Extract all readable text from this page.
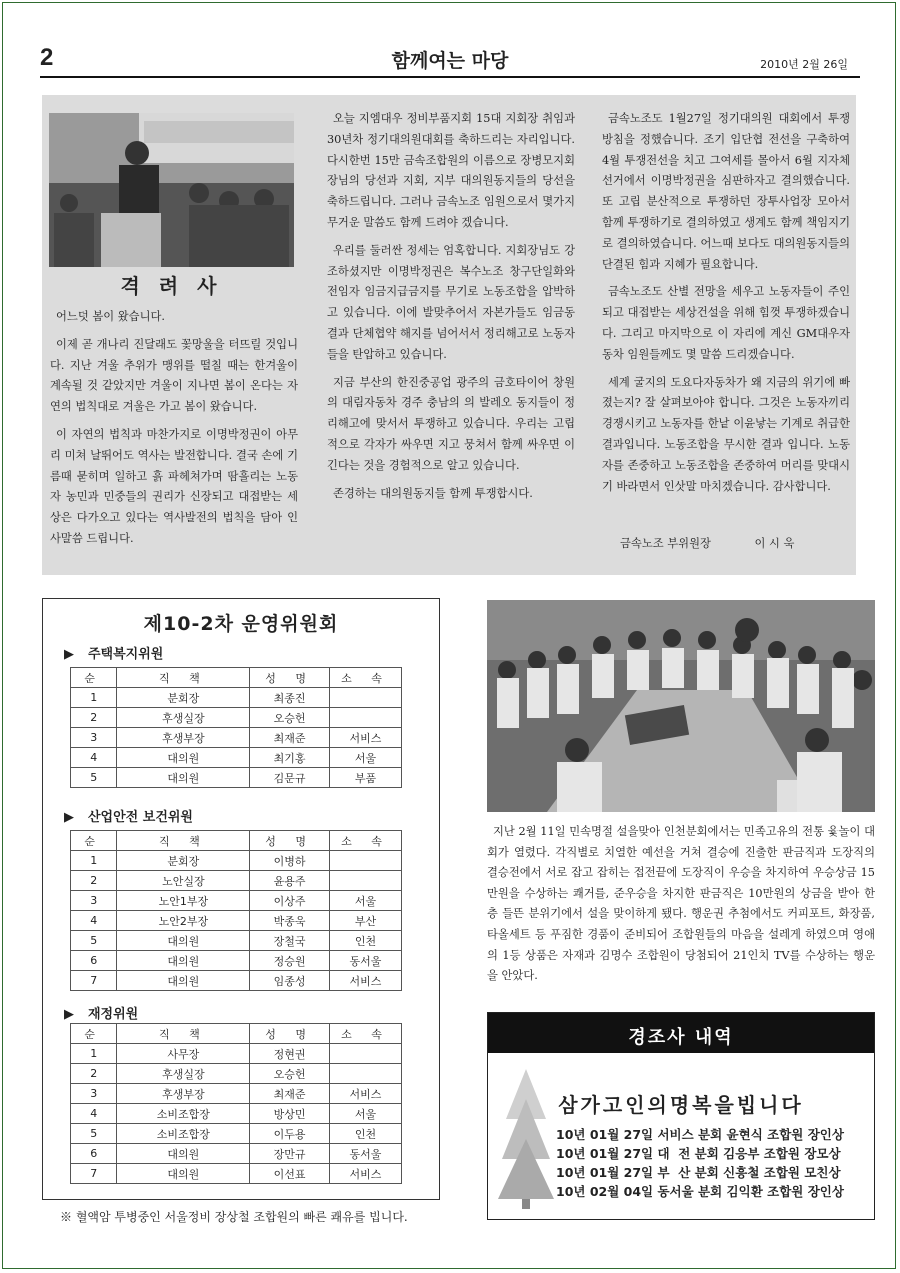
2	함께여는 마당	2010년 2월 26일
격 려 사

어느덧 봄이 왔습니다.

이제 곧 개나리 진달래도 꽃망울을 터뜨릴 것입니다. 지난 겨울 추위가 맹위를 떨칠 때는 한겨울이 계속될 것 같았지만 겨울이 지나면 봄이 온다는 자연의 법칙대로 겨울은 가고 봄이 왔습니다.

이 자연의 법칙과 마찬가지로 이명박정권이 아무리 미쳐 날뛰어도 역사는 발전합니다. 결국 손에 기름때 묻히며 일하고 흙 파헤쳐가며 땀흘리는 노동자 농민과 민중들의 권리가 신장되고 대접받는 세상은 다가오고 있다는 역사발전의 법칙을 담아 인사말씀 드립니다.

오늘 지엠대우 정비부품지회 15대 지회장 취임과 30년차 정기대의원대회를 축하드리는 자리입니다. 다시한번 15만 금속조합원의 이름으로 장병모지회장님의 당선과 지회, 지부 대의원동지들의 당선을 축하드립니다. 그러나 금속노조 임원으로서 몇가지 무거운 말씀도 함께 드려야 겠습니다.

우리를 둘러싼 정세는 엄혹합니다. 지회장님도 강조하셨지만 이명박정권은 복수노조 창구단일화와 전임자 임금지급금지를 무기로 노동조합을 압박하고 있습니다. 이에 발맞추어서 자본가들도 임금동결과 단체협약 해지를 넘어서서 정리해고로 노동자들을 탄압하고 있습니다.

지금 부산의 한진중공업 광주의 금호타이어 창원의 대림자동차 경주 충남의 의 발레오 동지들이 정리해고에 맞서서 투쟁하고 있습니다. 우리는 고립적으로 각자가 싸우면 지고 뭉쳐서 함께 싸우면 이긴다는 것을 경험적으로 알고 있습니다.

존경하는 대의원동지들 함께 투쟁합시다.

금속노조도 1월27일 정기대의원 대회에서 투쟁방침을 정했습니다. 조기 입단협 전선을 구축하여 4월 투쟁전선을 치고 그여세를 몰아서 6월 지자체 선거에서 이명박정권을 심판하자고 결의했습니다. 또 고립 분산적으로 투쟁하던 장투사업장 모아서 함께 투쟁하기로 결의하였고 생계도 함께 책임지기로 결의하였습니다. 어느때 보다도 대의원동지들의 단결된 힘과 지혜가 필요합니다.

금속노조도 산별 전망을 세우고 노동자들이 주인되고 대접받는 세상건설을 위해 힘껏 투쟁하겠습니다. 그리고 마지막으로 이 자리에 계신 GM대우자동차 임원들께도 몇 말씀 드리겠습니다.

세계 굴지의 도요다자동차가 왜 지금의 위기에 빠졌는지? 잘 살펴보아야 합니다. 그것은 노동자끼리 경쟁시키고 노동자를 한낱 이윤낳는 기계로 취급한 결과입니다. 노동조합을 무시한 결과 입니다. 노동자를 존중하고 노동조합을 존중하여 머리를 맞대시기 바라면서 인삿말 마치겠습니다. 감사합니다.

금속노조 부위원장	이 시 욱
제10-2차 운영위원회
▶ 주택복지위원
순	직 책	성 명	소 속
1	분회장	최종진	
2	후생실장	오승헌	
3	후생부장	최재준	서비스
4	대의원	최기홍	서울
5	대의원	김문규	부품
▶ 산업안전 보건위원
순	직 책	성 명	소 속
1	분회장	이병하	
2	노안실장	윤용주	
3	노안1부장	이상주	서울
4	노안2부장	박종욱	부산
5	대의원	장철국	인천
6	대의원	정승원	동서울
7	대의원	임종성	서비스
▶ 재정위원
순	직 책	성 명	소 속
1	사무장	정현권	
2	후생실장	오승헌	
3	후생부장	최재준	서비스
4	소비조합장	방상민	서울
5	소비조합장	이두용	인천
6	대의원	장만규	동서울
7	대의원	이선표	서비스
※ 혈액암 투병중인 서울정비 장상철 조합원의 빠른 쾌유를 빕니다.

지난 2월 11일 민속명절 설을맞아 인천분회에서는 민족고유의 전통 윷놀이 대회가 열렸다. 각직별로 치열한 예선을 거쳐 결승에 진출한 판금직과 도장직의 결승전에서 서로 잡고 잡히는 접전끝에 도장직이 우승을 차지하여 우승상금 15만원을 수상하는 쾌거를, 준우승을 차지한 판금직은 10만원의 상금을 받아 한층 들뜬 분위기에서 설을 맞이하게 됐다. 행운권 추첨에서도 커피포트, 화장품, 타올세트 등 푸짐한 경품이 준비되어 조합원들의 마음을 설레게 하였으며 영애의 1등 상품은 자재과 김명수 조합원이 당첨되어 21인치 TV를 수상하는 행운을 안았다.

경조사 내역
삼가고인의명복을빕니다
10년 01월 27일 서비스 분회 윤현식 조합원 장인상
10년 01월 27일 대  전 분회 김응부 조합원 장모상
10년 01월 27일 부  산 분회 신흥철 조합원 모친상
10년 02월 04일 동서울 분회 김익환 조합원 장인상
